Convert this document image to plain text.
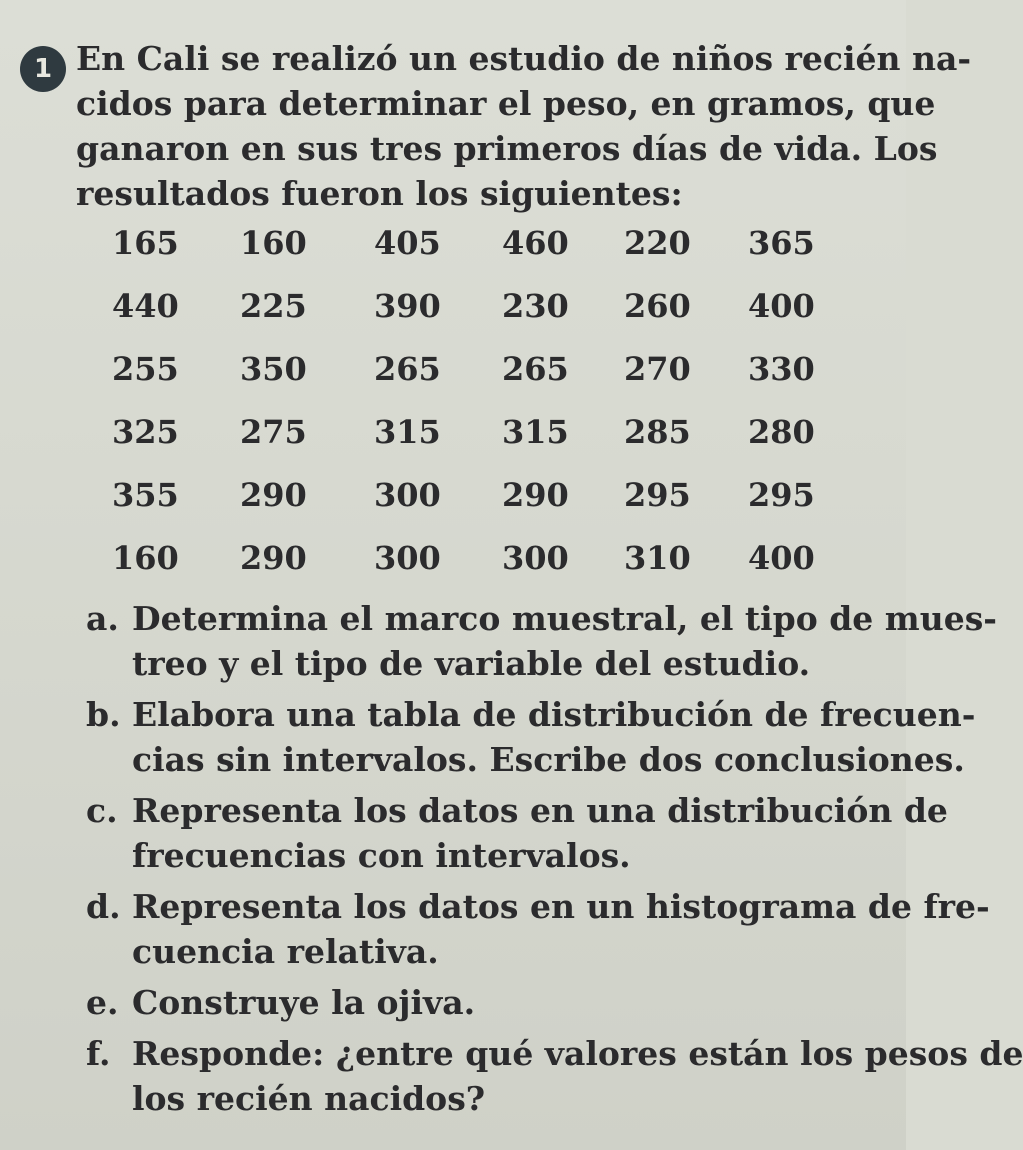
1 En Cali se realizó un estudio de niños recién na-
cidos para determinar el peso, en gramos, que
ganaron en sus tres primeros días de vida. Los
resultados fueron los siguientes:
165 160 405 460 220 365
440 225 390 230 260 400
255 350 265 265 270 330
325 275 315 315 285 280
355 290 300 290 295 295
160 290 300 300 310 400
a. Determina el marco muestral, el tipo de mues-
treo y el tipo de variable del estudio.
b. Elabora una tabla de distribución de frecuen-
cias sin intervalos. Escribe dos conclusiones.
c. Representa los datos en una distribución de
frecuencias con intervalos.
d. Representa los datos en un histograma de fre-
cuencia relativa.
e. Construye la ojiva.
f. Responde: ¿entre qué valores están los pesos de
los recién nacidos?
